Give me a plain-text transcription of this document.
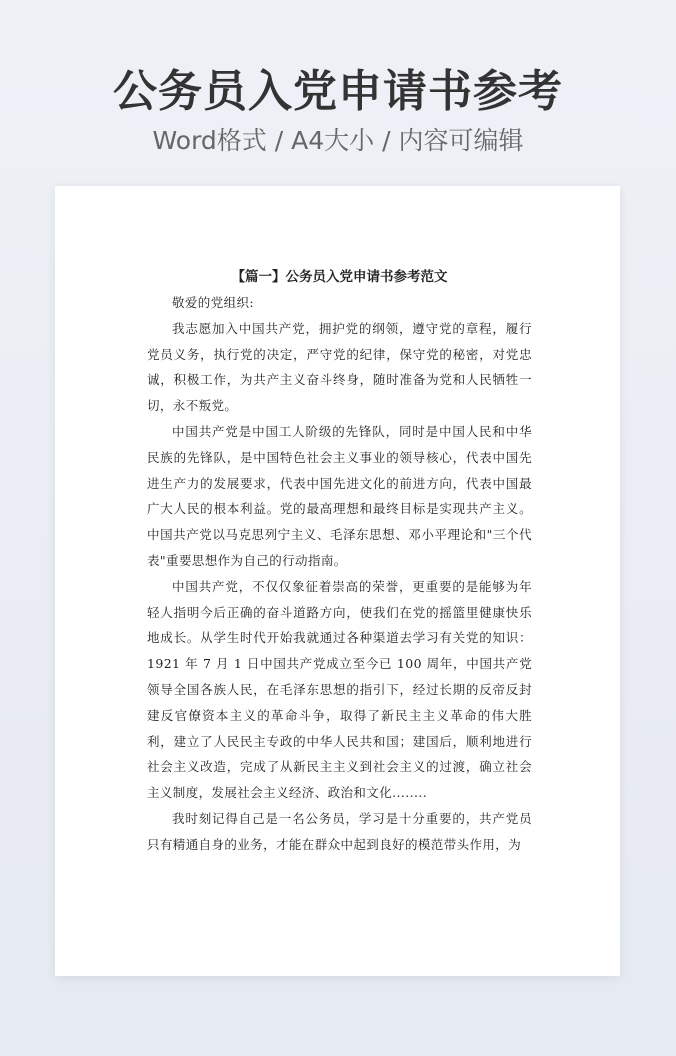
公务员入党申请书参考
Word格式 / A4大小 / 内容可编辑
【篇一】公务员入党申请书参考范文

敬爱的党组织:

我志愿加入中国共产党，拥护党的纲领，遵守党的章程，履行党员义务，执行党的决定，严守党的纪律，保守党的秘密，对党忠诚，积极工作，为共产主义奋斗终身，随时准备为党和人民牺牲一切，永不叛党。

中国共产党是中国工人阶级的先锋队，同时是中国人民和中华民族的先锋队，是中国特色社会主义事业的领导核心，代表中国先进生产力的发展要求，代表中国先进文化的前进方向，代表中国最广大人民的根本利益。党的最高理想和最终目标是实现共产主义。中国共产党以马克思列宁主义、毛泽东思想、邓小平理论和"三个代表"重要思想作为自己的行动指南。

中国共产党，不仅仅象征着崇高的荣誉，更重要的是能够为年轻人指明今后正确的奋斗道路方向，使我们在党的摇篮里健康快乐地成长。从学生时代开始我就通过各种渠道去学习有关党的知识：1921 年 7 月 1 日中国共产党成立至今已 100 周年，中国共产党领导全国各族人民，在毛泽东思想的指引下，经过长期的反帝反封建反官僚资本主义的革命斗争，取得了新民主主义革命的伟大胜利，建立了人民民主专政的中华人民共和国；建国后，顺利地进行社会主义改造，完成了从新民主主义到社会主义的过渡，确立社会主义制度，发展社会主义经济、政治和文化........

我时刻记得自己是一名公务员，学习是十分重要的，共产党员只有精通自身的业务，才能在群众中起到良好的模范带头作用，为
